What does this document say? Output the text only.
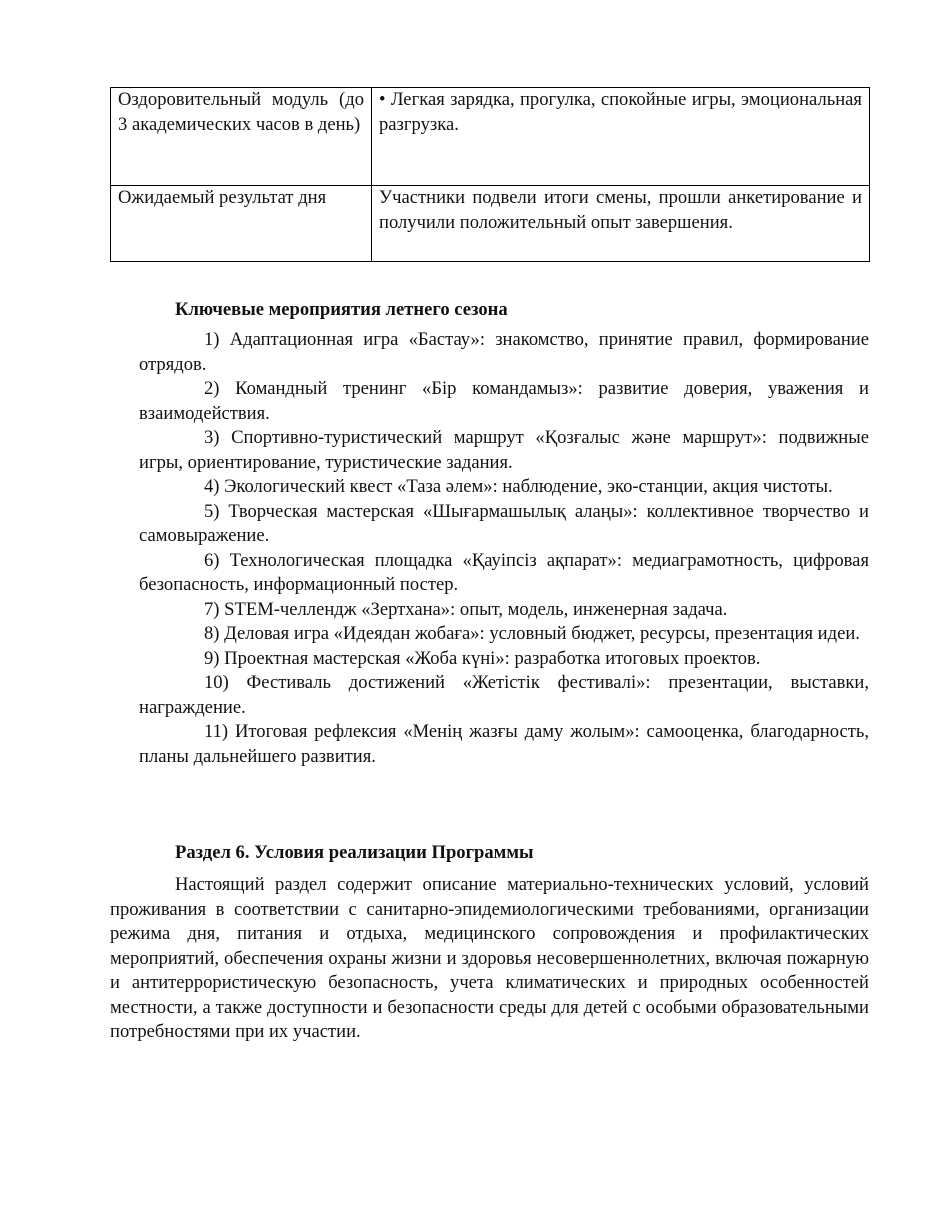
Оздоровительный модуль (до 3 академических часов в день)	• Легкая зарядка, прогулка, спокойные игры, эмоциональная разгрузка.

Ожидаемый результат дня	Участники подвели итоги смены, прошли анкетирование и получили положительный опыт завершения.
Ключевые мероприятия летнего сезона

1) Адаптационная игра «Бастау»: знакомство, принятие правил, формирование отрядов.

2) Командный тренинг «Бір командамыз»: развитие доверия, уважения и взаимодействия.

3) Спортивно-туристический маршрут «Қозғалыс және маршрут»: подвижные игры, ориентирование, туристические задания.

4) Экологический квест «Таза әлем»: наблюдение, эко-станции, акция чистоты.

5) Творческая мастерская «Шығармашылық алаңы»: коллективное творчество и самовыражение.

6) Технологическая площадка «Қауіпсіз ақпарат»: медиаграмотность, цифровая безопасность, информационный постер.

7) STEM-челлендж «Зертхана»: опыт, модель, инженерная задача.

8) Деловая игра «Идеядан жобаға»: условный бюджет, ресурсы, презентация идеи.

9) Проектная мастерская «Жоба күні»: разработка итоговых проектов.

10) Фестиваль достижений «Жетістік фестивалі»: презентации, выставки, награждение.

11) Итоговая рефлексия «Менің жазғы даму жолым»: самооценка, благодарность, планы дальнейшего развития.

Раздел 6. Условия реализации Программы

Настоящий раздел содержит описание материально-технических условий, условий проживания в соответствии с санитарно-эпидемиологическими требованиями, организации режима дня, питания и отдыха, медицинского сопровождения и профилактических мероприятий, обеспечения охраны жизни и здоровья несовершеннолетних, включая пожарную и антитеррористическую безопасность, учета климатических и природных особенностей местности, а также доступности и безопасности среды для детей с особыми образовательными потребностями при их участии.
